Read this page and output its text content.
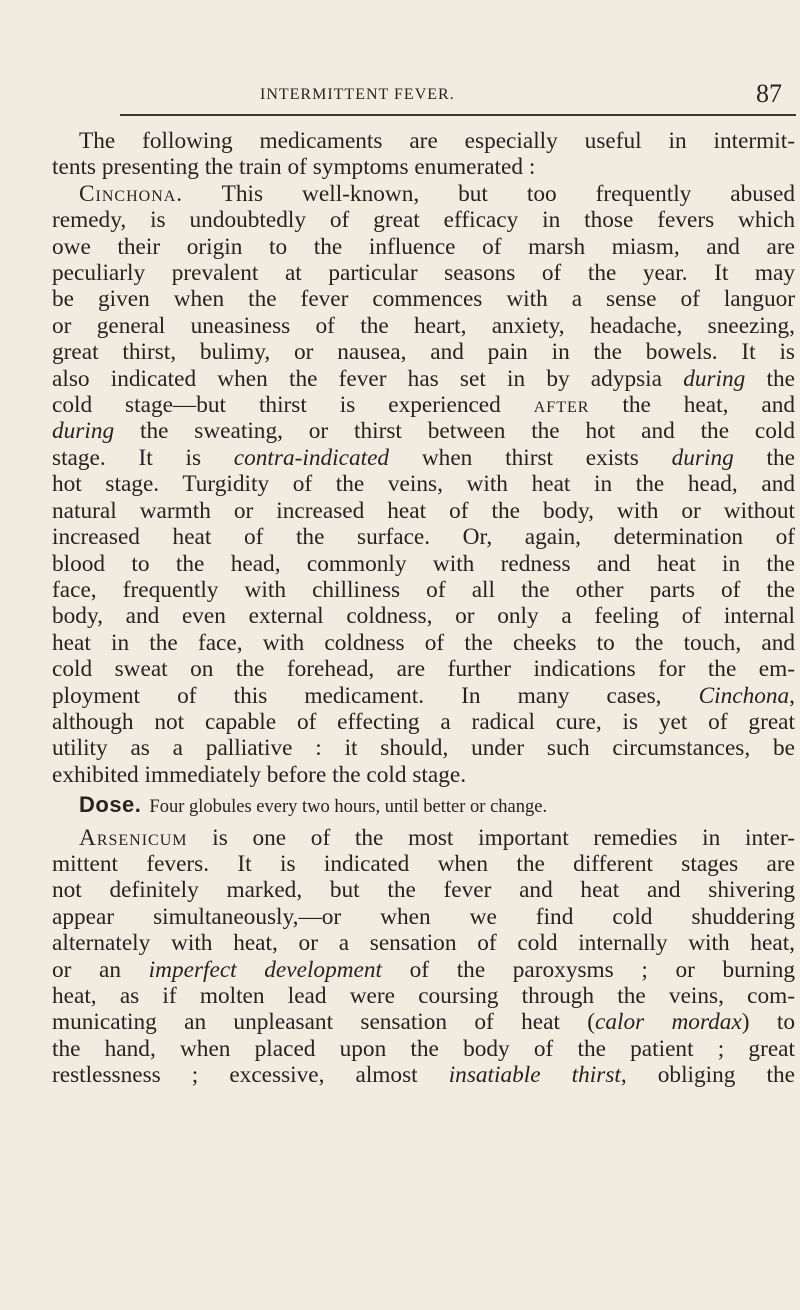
INTERMITTENT FEVER.	87
The following medicaments are especially useful in intermit-
tents presenting the train of symptoms enumerated :
Cinchona. This well-known, but too frequently abused
remedy, is undoubtedly of great efficacy in those fevers which
owe their origin to the influence of marsh miasm, and are
peculiarly prevalent at particular seasons of the year. It may
be given when the fever commences with a sense of languor
or general uneasiness of the heart, anxiety, headache, sneezing,
great thirst, bulimy, or nausea, and pain in the bowels. It is
also indicated when the fever has set in by adypsia during the
cold stage—but thirst is experienced after the heat, and
during the sweating, or thirst between the hot and the cold
stage. It is contra-indicated when thirst exists during the
hot stage. Turgidity of the veins, with heat in the head, and
natural warmth or increased heat of the body, with or without
increased heat of the surface. Or, again, determination of
blood to the head, commonly with redness and heat in the
face, frequently with chilliness of all the other parts of the
body, and even external coldness, or only a feeling of internal
heat in the face, with coldness of the cheeks to the touch, and
cold sweat on the forehead, are further indications for the em-
ployment of this medicament. In many cases, Cinchona,
although not capable of effecting a radical cure, is yet of great
utility as a palliative : it should, under such circumstances, be
exhibited immediately before the cold stage.
Dose. Four globules every two hours, until better or change.
Arsenicum is one of the most important remedies in inter-
mittent fevers. It is indicated when the different stages are
not definitely marked, but the fever and heat and shivering
appear simultaneously,—or when we find cold shuddering
alternately with heat, or a sensation of cold internally with heat,
or an imperfect development of the paroxysms ; or burning
heat, as if molten lead were coursing through the veins, com-
municating an unpleasant sensation of heat (calor mordax) to
the hand, when placed upon the body of the patient ; great
restlessness ; excessive, almost insatiable thirst, obliging the
